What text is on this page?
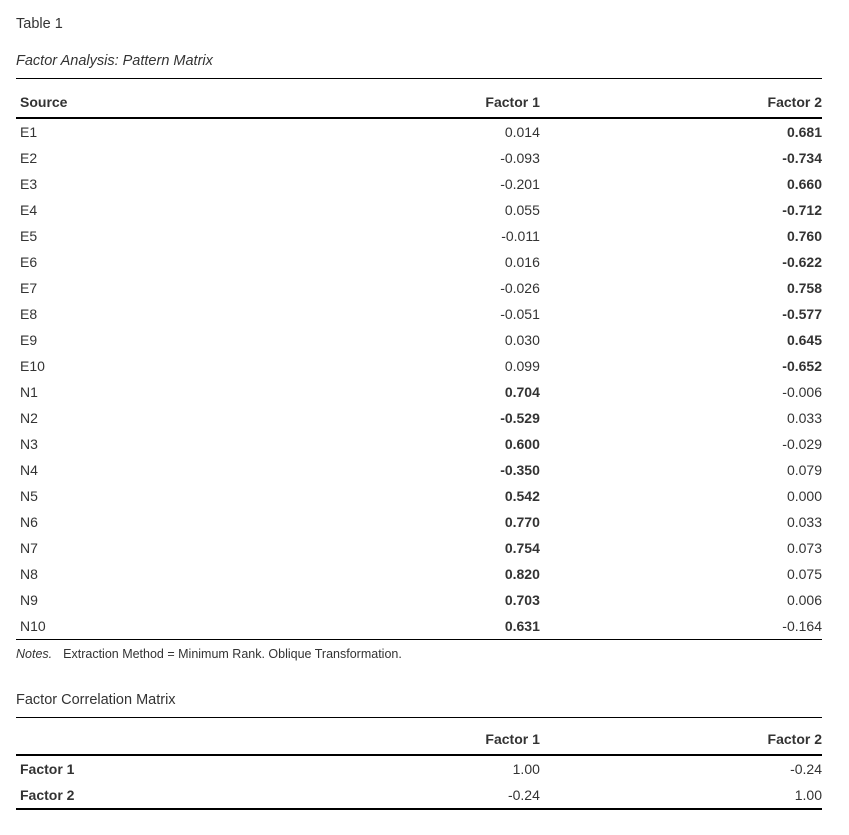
Table 1

Factor Analysis: Pattern Matrix

Source	Factor 1	Factor 2
E1	0.014	0.681
E2	-0.093	-0.734
E3	-0.201	0.660
E4	0.055	-0.712
E5	-0.011	0.760
E6	0.016	-0.622
E7	-0.026	0.758
E8	-0.051	-0.577
E9	0.030	0.645
E10	0.099	-0.652
N1	0.704	-0.006
N2	-0.529	0.033
N3	0.600	-0.029
N4	-0.350	0.079
N5	0.542	0.000
N6	0.770	0.033
N7	0.754	0.073
N8	0.820	0.075
N9	0.703	0.006
N10	0.631	-0.164

Notes. Extraction Method = Minimum Rank. Oblique Transformation.

Factor Correlation Matrix

	Factor 1	Factor 2
Factor 1	1.00	-0.24
Factor 2	-0.24	1.00
